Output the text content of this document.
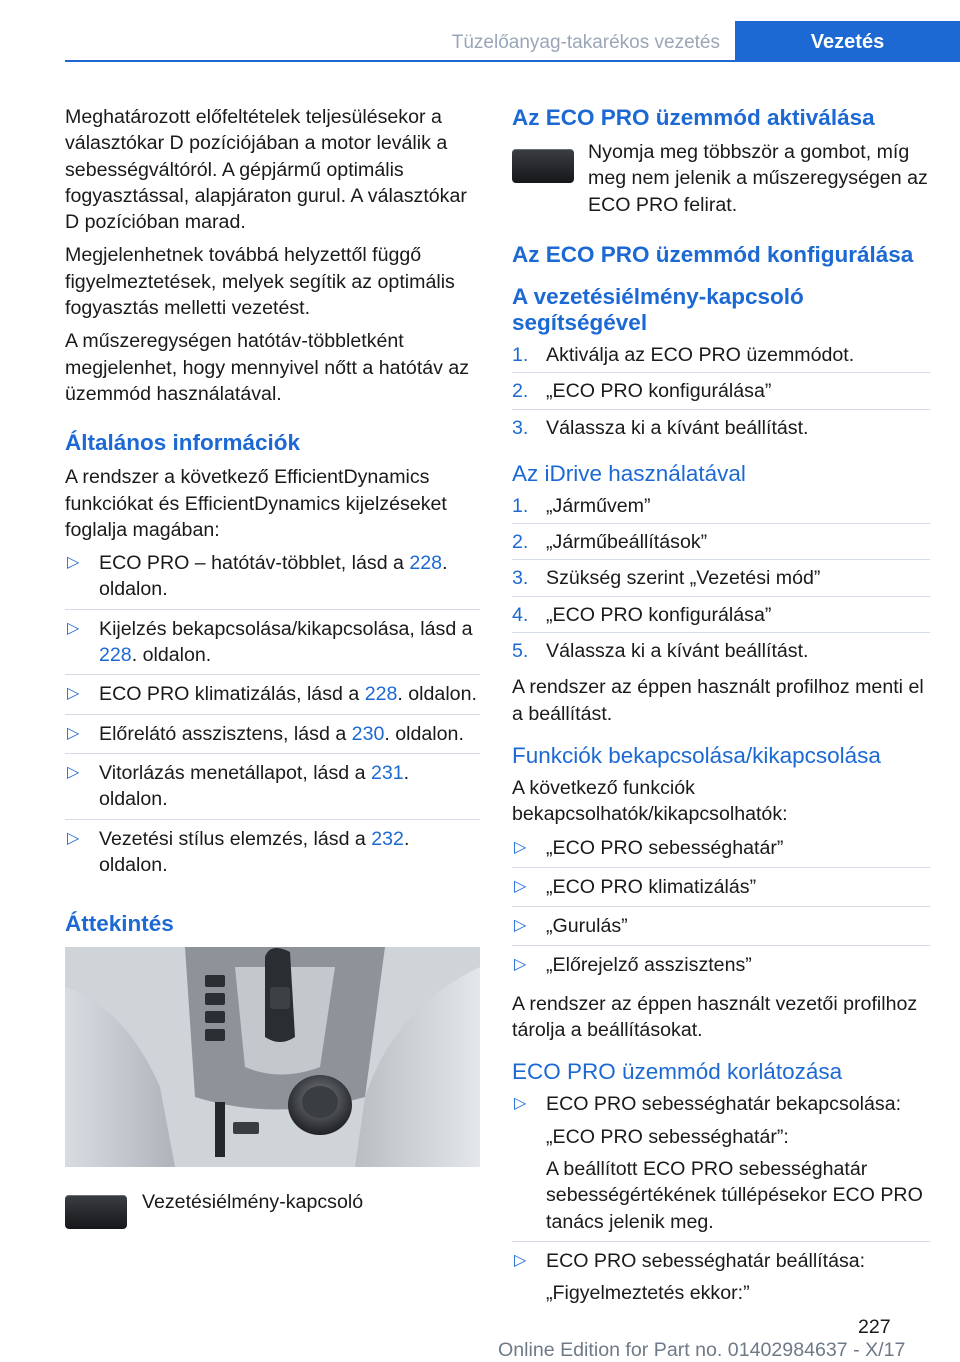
Tüzelőanyag-takarékos vezetés	Vezetés

Meghatározott előfeltételek teljesülésekor a választókar D pozíciójában a motor leválik a sebességváltóról. A gépjármű optimális fogyasztással, alapjáraton gurul. A választókar D pozícióban marad.

Megjelenhetnek továbbá helyzettől függő figyelmeztetések, melyek segítik az optimális fogyasztás melletti vezetést.

A műszeregységen hatótáv-többletként megjelenhet, hogy mennyivel nőtt a hatótáv az üzemmód használatával.

Általános információk

A rendszer a következő EfficientDynamics funkciókat és EfficientDynamics kijelzéseket foglalja magában:

▷ ECO PRO – hatótáv-többlet, lásd a 228. oldalon.
▷ Kijelzés bekapcsolása/kikapcsolása, lásd a 228. oldalon.
▷ ECO PRO klimatizálás, lásd a 228. oldalon.
▷ Előrelátó asszisztens, lásd a 230. oldalon.
▷ Vitorlázás menetállapot, lásd a 231. oldalon.
▷ Vezetési stílus elemzés, lásd a 232. oldalon.
Áttekintés
Vezetésiélmény-kapcsoló
Az ECO PRO üzemmód aktiválása

Nyomja meg többször a gombot, míg meg nem jelenik a műszeregységen az ECO PRO felirat.

Az ECO PRO üzemmód konfigurálása
A vezetésiélmény-kapcsoló segítségével
1. Aktiválja az ECO PRO üzemmódot.
2. „ECO PRO konfigurálása”
3. Válassza ki a kívánt beállítást.
Az iDrive használatával
1. „Járművem”
2. „Járműbeállítások”
3. Szükség szerint „Vezetési mód”
4. „ECO PRO konfigurálása”
5. Válassza ki a kívánt beállítást.

A rendszer az éppen használt profilhoz menti el a beállítást.

Funkciók bekapcsolása/kikapcsolása

A következő funkciók bekapcsolhatók/kikapcsolhatók:

▷ „ECO PRO sebességhatár”
▷ „ECO PRO klimatizálás”
▷ „Gurulás”
▷ „Előrejelző asszisztens”

A rendszer az éppen használt vezetői profilhoz tárolja a beállításokat.

ECO PRO üzemmód korlátozása
▷ ECO PRO sebességhatár bekapcsolása:
„ECO PRO sebességhatár”:
A beállított ECO PRO sebességhatár sebességértékének túllépésekor ECO PRO tanács jelenik meg.
▷ ECO PRO sebességhatár beállítása:
„Figyelmeztetés ekkor:”
227
Online Edition for Part no. 01402984637 - X/17
